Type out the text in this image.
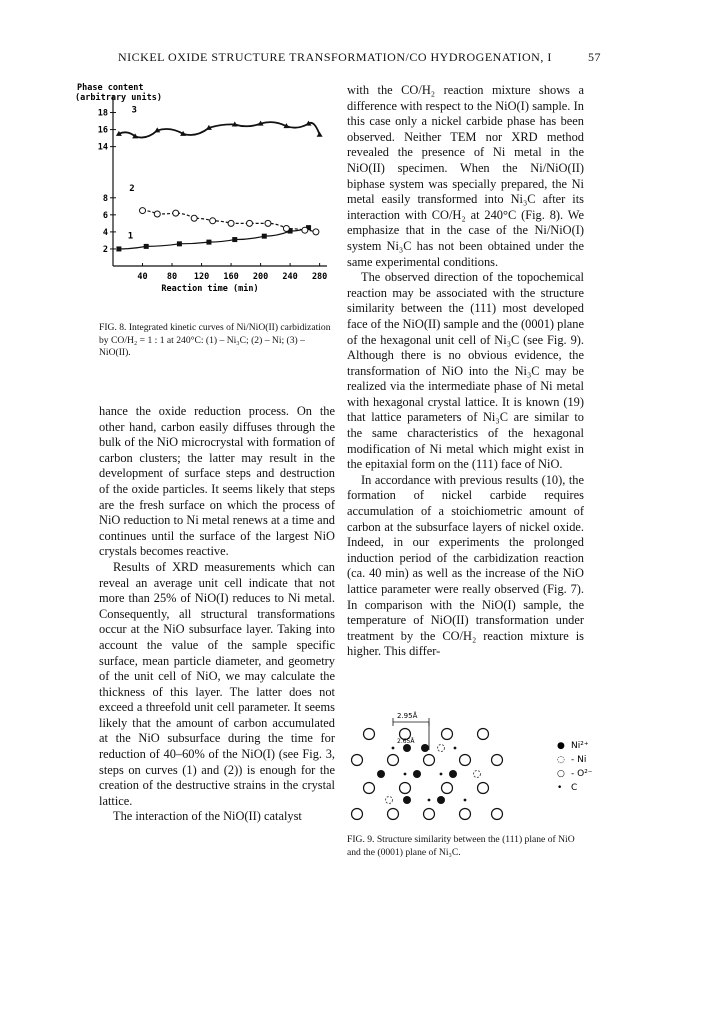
NICKEL OXIDE STRUCTURE TRANSFORMATION/CO HYDROGENATION, I	57
Phase content
(arbitrary units)
2
4
6
8
14
16
18
40 80 120 160 200 240 280
Reaction time (min)
1
2
3
FIG. 8. Integrated kinetic curves of Ni/NiO(II) carbidization by CO/H₂ = 1 : 1 at 240°C: (1) – Ni₃C; (2) – Ni; (3) – NiO(II).

hance the oxide reduction process. On the other hand, carbon easily diffuses through the bulk of the NiO microcrystal with formation of carbon clusters; the latter may result in the development of surface steps and destruction of the oxide particles. It seems likely that steps are the fresh surface on which the process of NiO reduction to Ni metal renews at a time and continues until the surface of the largest NiO crystals becomes reactive.

Results of XRD measurements which can reveal an average unit cell indicate that not more than 25% of NiO(I) reduces to Ni metal. Consequently, all structural transformations occur at the NiO subsurface layer. Taking into account the value of the sample specific surface, mean particle diameter, and geometry of the unit cell of NiO, we may calculate the thickness of this layer. The latter does not exceed a threefold unit cell parameter. It seems likely that the amount of carbon accumulated at the NiO subsurface during the time for reduction of 40–60% of the NiO(I) (see Fig. 3, steps on curves (1) and (2)) is enough for the creation of the destructive strains in the crystal lattice.

The interaction of the NiO(II) catalyst

with the CO/H₂ reaction mixture shows a difference with respect to the NiO(I) sample. In this case only a nickel carbide phase has been observed. Neither TEM nor XRD method revealed the presence of Ni metal in the NiO(II) specimen. When the Ni/NiO(II) biphase system was specially prepared, the Ni metal easily transformed into Ni₃C after its interaction with CO/H₂ at 240°C (Fig. 8). We emphasize that in the case of the Ni/NiO(I) system Ni₃C has not been obtained under the same experimental conditions.

The observed direction of the topochemical reaction may be associated with the structure similarity between the (111) most developed face of the NiO(II) sample and the (0001) plane of the hexagonal unit cell of Ni₃C (see Fig. 9). Although there is no obvious evidence, the transformation of NiO into the Ni₃C may be realized via the intermediate phase of Ni metal with hexagonal crystal lattice. It is known (19) that lattice parameters of Ni₃C are similar to the same characteristics of the hexagonal modification of Ni metal which might exist in the epitaxial form on the (111) face of NiO.

In accordance with previous results (10), the formation of nickel carbide requires accumulation of a stoichiometric amount of carbon at the subsurface layers of nickel oxide. Indeed, in our experiments the prolonged induction period of the carbidization reaction (ca. 40 min) as well as the increase of the NiO lattice parameter were really observed (Fig. 7). In comparison with the NiO(I) sample, the temperature of NiO(II) transformation under treatment by the CO/H₂ reaction mixture is higher. This differ-

2.95Å
2.65Å	● Ni²⁺
◌ - Ni
○ - O²⁻
• C
FIG. 9. Structure similarity between the (111) plane of NiO and the (0001) plane of Ni₃C.
